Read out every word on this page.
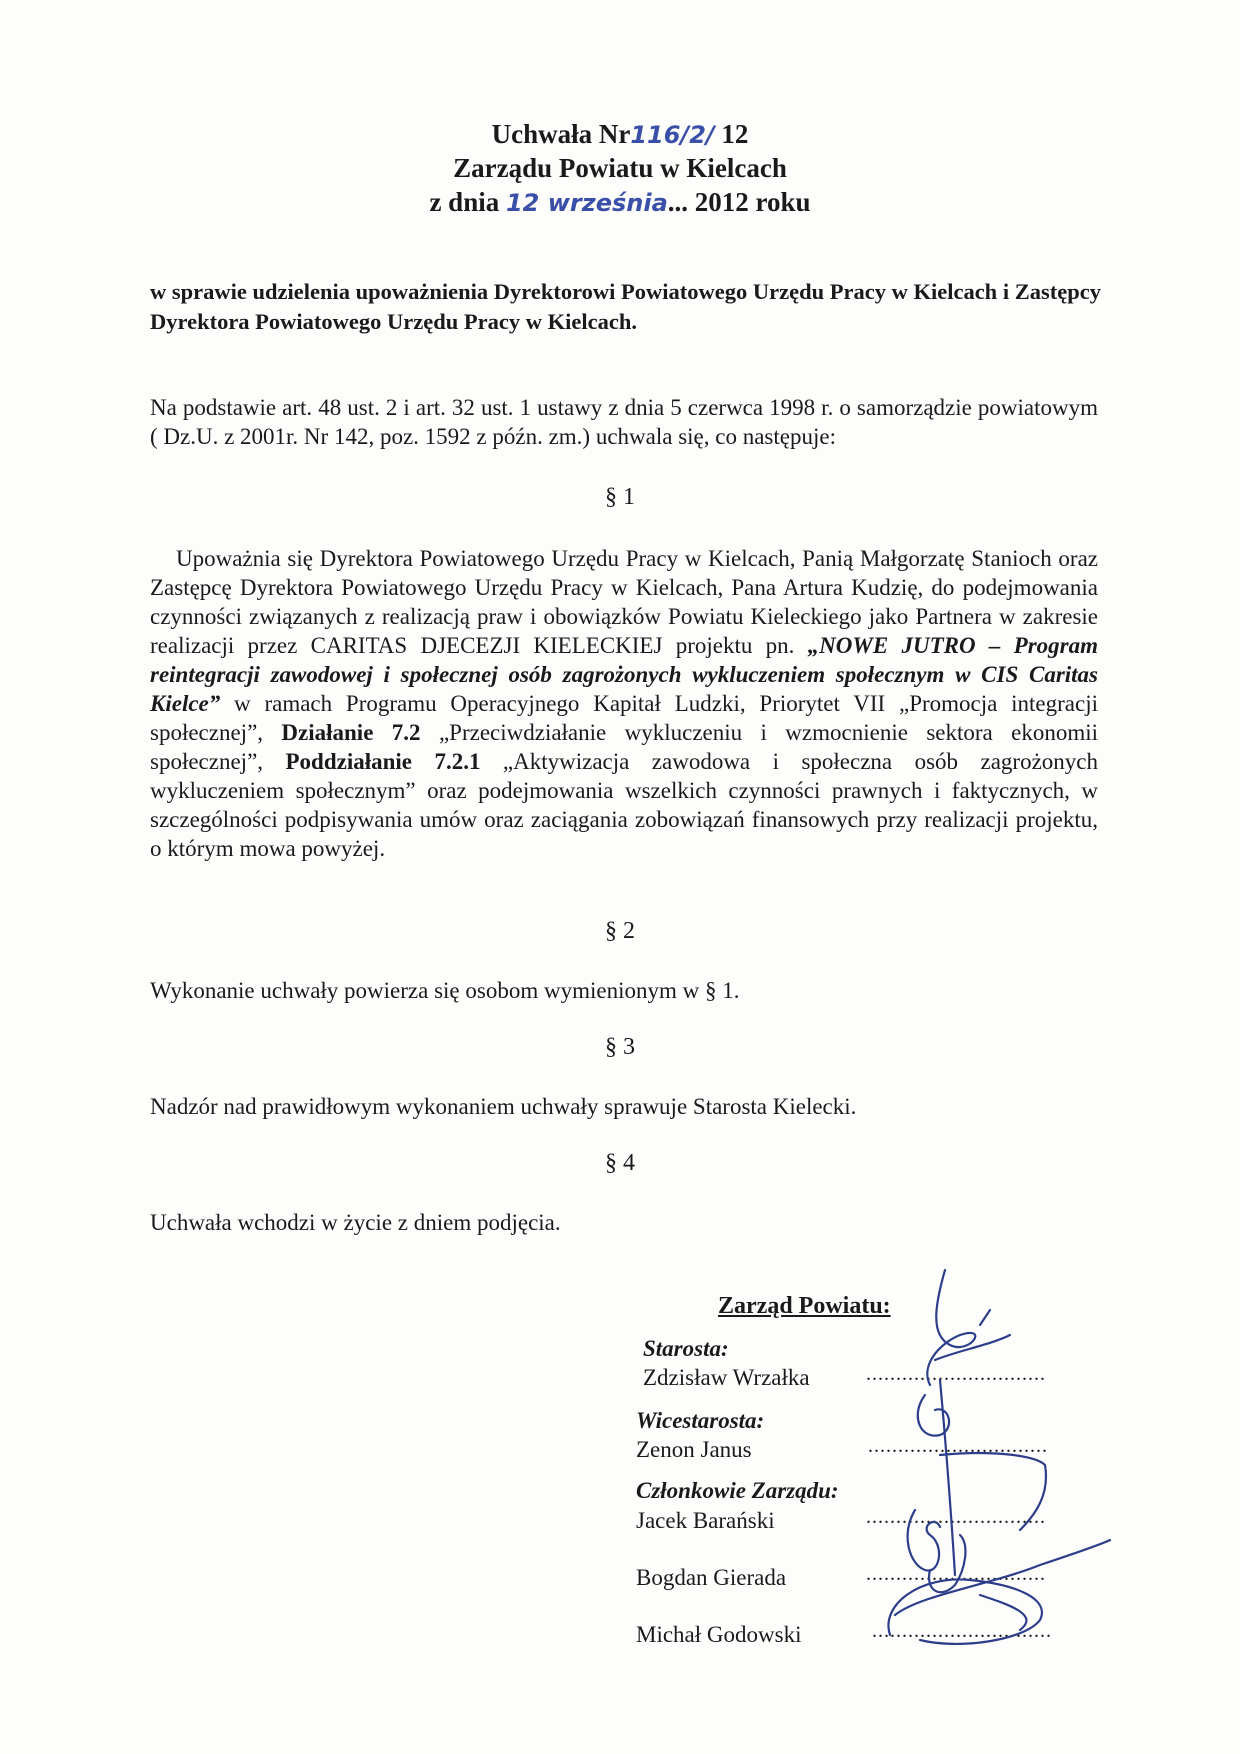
Uchwała Nr116/2/ 12
Zarządu Powiatu w Kielcach
z dnia 12 września... 2012 roku
w sprawie udzielenia upoważnienia Dyrektorowi Powiatowego Urzędu Pracy w Kielcach i Zastępcy Dyrektora Powiatowego Urzędu Pracy w Kielcach.
Na podstawie art. 48 ust. 2 i art. 32 ust. 1 ustawy z dnia 5 czerwca 1998 r. o samorządzie powiatowym ( Dz.U. z 2001r. Nr 142, poz. 1592 z późn. zm.) uchwala się, co następuje:
§ 1
Upoważnia się Dyrektora Powiatowego Urzędu Pracy w Kielcach, Panią Małgorzatę Stanioch oraz Zastępcę Dyrektora Powiatowego Urzędu Pracy w Kielcach, Pana Artura Kudzię, do podejmowania czynności związanych z realizacją praw i obowiązków Powiatu Kieleckiego jako Partnera w zakresie realizacji przez CARITAS DJECEZJI KIELECKIEJ projektu pn. „NOWE JUTRO – Program reintegracji zawodowej i społecznej osób zagrożonych wykluczeniem społecznym w CIS Caritas Kielce” w ramach Programu Operacyjnego Kapitał Ludzki, Priorytet VII „Promocja integracji społecznej”, Działanie 7.2 „Przeciwdziałanie wykluczeniu i wzmocnienie sektora ekonomii społecznej”, Poddziałanie 7.2.1 „Aktywizacja zawodowa i społeczna osób zagrożonych wykluczeniem społecznym” oraz podejmowania wszelkich czynności prawnych i faktycznych, w szczególności podpisywania umów oraz zaciągania zobowiązań finansowych przy realizacji projektu, o którym mowa powyżej.
§ 2
Wykonanie uchwały powierza się osobom wymienionym w § 1.
§ 3
Nadzór nad prawidłowym wykonaniem uchwały sprawuje Starosta Kielecki.
§ 4
Uchwała wchodzi w życie z dniem podjęcia.
Zarząd Powiatu:
Starosta:
Zdzisław Wrzałka	..............................
Wicestarosta:
Zenon Janus	..............................
Członkowie Zarządu:
Jacek Barański	..............................
Bogdan Gierada	..............................
Michał Godowski	..............................
